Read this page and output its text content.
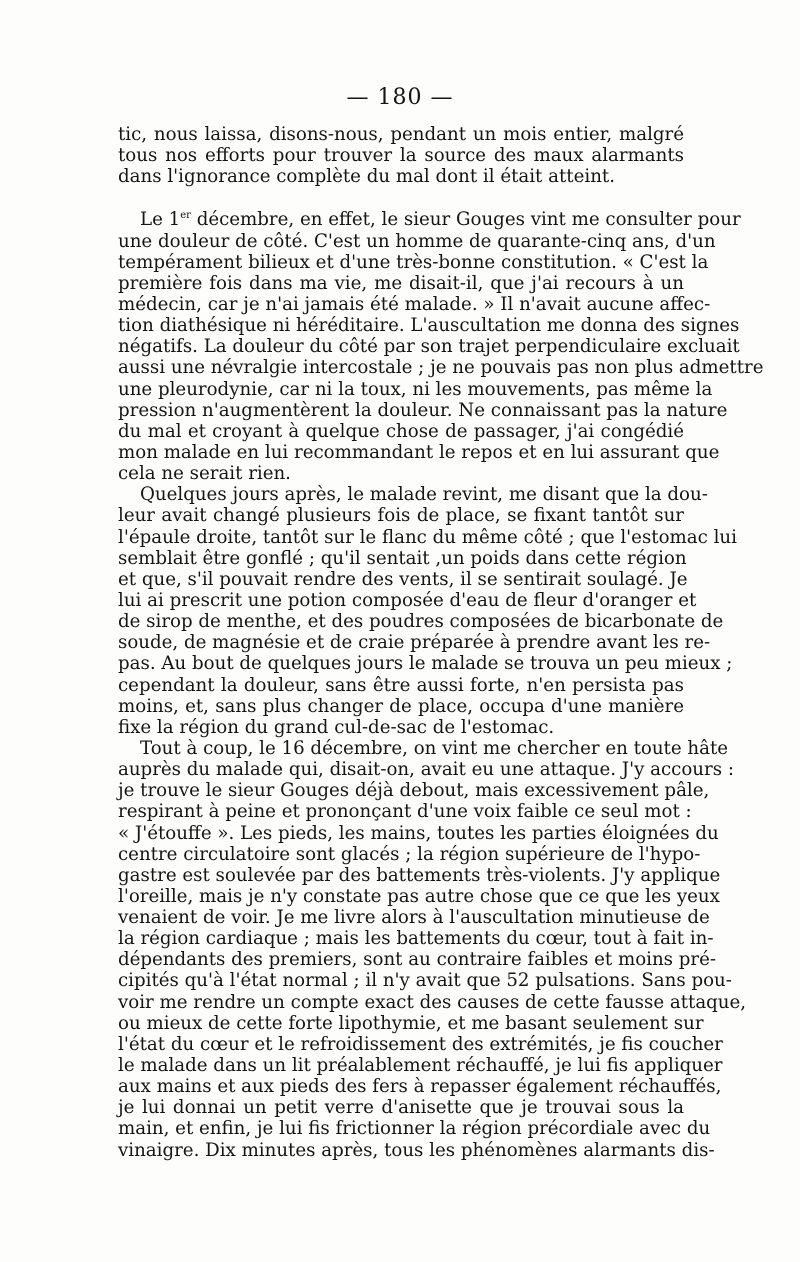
— 180 —
tic, nous laissa, disons-nous, pendant un mois entier, malgré
tous nos efforts pour trouver la source des maux alarmants
dans l'ignorance complète du mal dont il était atteint.
Le 1er décembre, en effet, le sieur Gouges vint me consulter pour
une douleur de côté. C'est un homme de quarante-cinq ans, d'un
tempérament bilieux et d'une très-bonne constitution. « C'est la
première fois dans ma vie, me disait-il, que j'ai recours à un
médecin, car je n'ai jamais été malade. » Il n'avait aucune affec-
tion diathésique ni héréditaire. L'auscultation me donna des signes
négatifs. La douleur du côté par son trajet perpendiculaire excluait
aussi une névralgie intercostale ; je ne pouvais pas non plus admettre
une pleurodynie, car ni la toux, ni les mouvements, pas même la
pression n'augmentèrent la douleur. Ne connaissant pas la nature
du mal et croyant à quelque chose de passager, j'ai congédié
mon malade en lui recommandant le repos et en lui assurant que
cela ne serait rien.
Quelques jours après, le malade revint, me disant que la dou-
leur avait changé plusieurs fois de place, se fixant tantôt sur
l'épaule droite, tantôt sur le flanc du même côté ; que l'estomac lui
semblait être gonflé ; qu'il sentait ,un poids dans cette région
et que, s'il pouvait rendre des vents, il se sentirait soulagé. Je
lui ai prescrit une potion composée d'eau de fleur d'oranger et
de sirop de menthe, et des poudres composées de bicarbonate de
soude, de magnésie et de craie préparée à prendre avant les re-
pas. Au bout de quelques jours le malade se trouva un peu mieux ;
cependant la douleur, sans être aussi forte, n'en persista pas
moins, et, sans plus changer de place, occupa d'une manière
fixe la région du grand cul-de-sac de l'estomac.
Tout à coup, le 16 décembre, on vint me chercher en toute hâte
auprès du malade qui, disait-on, avait eu une attaque. J'y accours :
je trouve le sieur Gouges déjà debout, mais excessivement pâle,
respirant à peine et prononçant d'une voix faible ce seul mot :
« J'étouffe ». Les pieds, les mains, toutes les parties éloignées du
centre circulatoire sont glacés ; la région supérieure de l'hypo-
gastre est soulevée par des battements très-violents. J'y applique
l'oreille, mais je n'y constate pas autre chose que ce que les yeux
venaient de voir. Je me livre alors à l'auscultation minutieuse de
la région cardiaque ; mais les battements du cœur, tout à fait in-
dépendants des premiers, sont au contraire faibles et moins pré-
cipités qu'à l'état normal ; il n'y avait que 52 pulsations. Sans pou-
voir me rendre un compte exact des causes de cette fausse attaque,
ou mieux de cette forte lipothymie, et me basant seulement sur
l'état du cœur et le refroidissement des extrémités, je fis coucher
le malade dans un lit préalablement réchauffé, je lui fis appliquer
aux mains et aux pieds des fers à repasser également réchauffés,
je lui donnai un petit verre d'anisette que je trouvai sous la
main, et enfin, je lui fis frictionner la région précordiale avec du
vinaigre. Dix minutes après, tous les phénomènes alarmants dis-
